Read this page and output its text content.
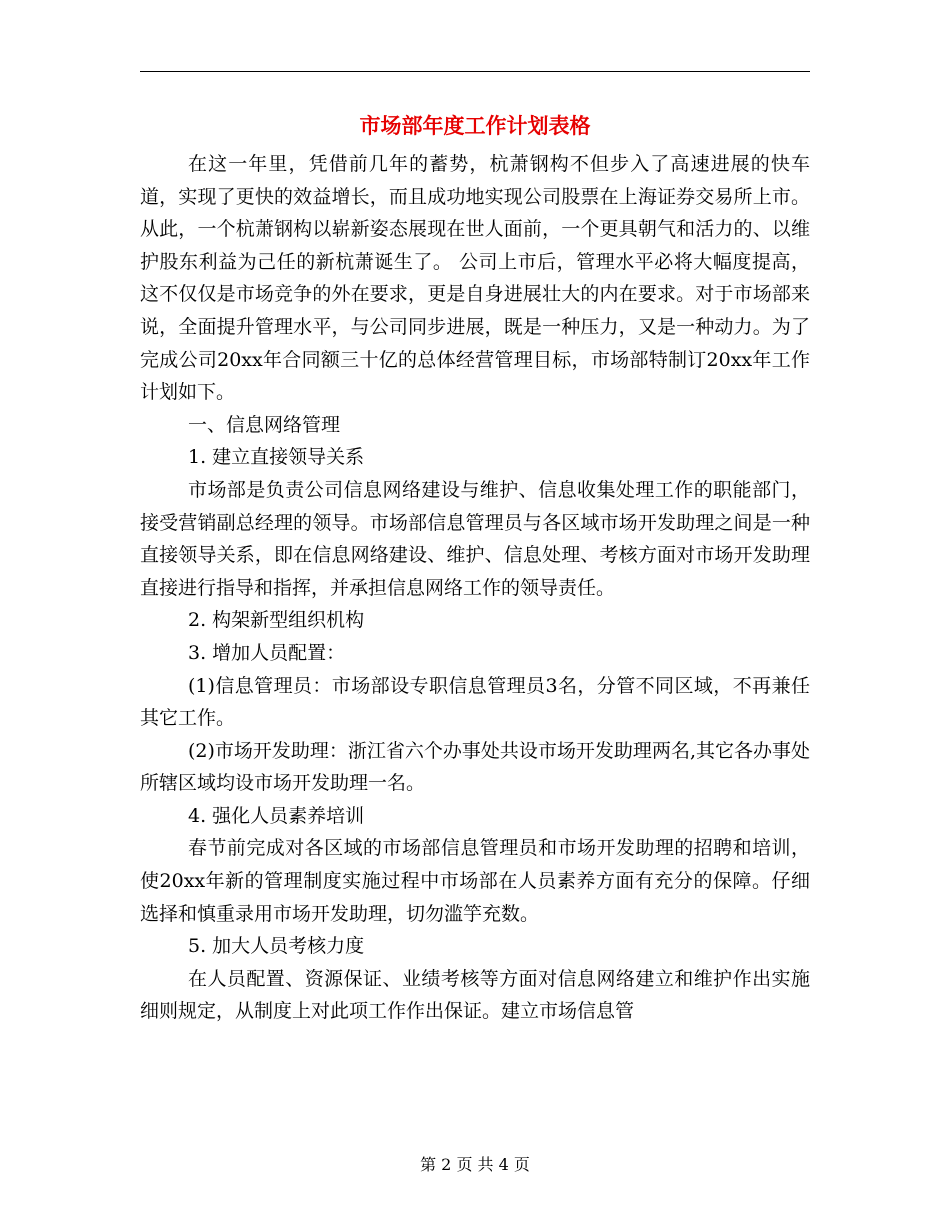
市场部年度工作计划表格

在这一年里，凭借前几年的蓄势，杭萧钢构不但步入了高速进展的快车道，实现了更快的效益增长，而且成功地实现公司股票在上海证券交易所上市。从此，一个杭萧钢构以崭新姿态展现在世人面前，一个更具朝气和活力的、以维护股东利益为己任的新杭萧诞生了。 公司上市后，管理水平必将大幅度提高，这不仅仅是市场竞争的外在要求，更是自身进展壮大的内在要求。对于市场部来说，全面提升管理水平，与公司同步进展，既是一种压力，又是一种动力。为了完成公司20xx年合同额三十亿的总体经营管理目标，市场部特制订20xx年工作计划如下。

一、信息网络管理

1. 建立直接领导关系

市场部是负责公司信息网络建设与维护、信息收集处理工作的职能部门，接受营销副总经理的领导。市场部信息管理员与各区域市场开发助理之间是一种直接领导关系，即在信息网络建设、维护、信息处理、考核方面对市场开发助理直接进行指导和指挥，并承担信息网络工作的领导责任。

2. 构架新型组织机构

3. 增加人员配置：

(1)信息管理员：市场部设专职信息管理员3名，分管不同区域，不再兼任其它工作。

(2)市场开发助理：浙江省六个办事处共设市场开发助理两名,其它各办事处所辖区域均设市场开发助理一名。

4. 强化人员素养培训

春节前完成对各区域的市场部信息管理员和市场开发助理的招聘和培训，使20xx年新的管理制度实施过程中市场部在人员素养方面有充分的保障。仔细选择和慎重录用市场开发助理，切勿滥竽充数。

5. 加大人员考核力度

在人员配置、资源保证、业绩考核等方面对信息网络建立和维护作出实施细则规定，从制度上对此项工作作出保证。建立市场信息管

第 2 页 共 4 页
